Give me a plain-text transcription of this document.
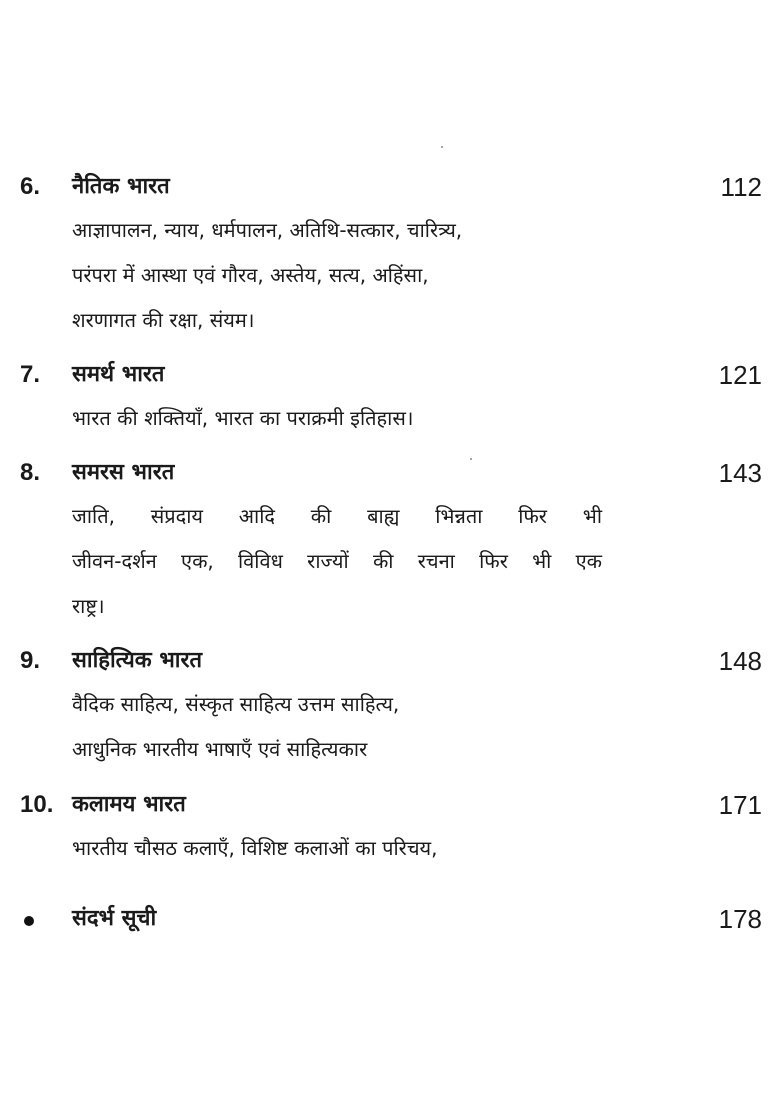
6. नैतिक भारत	112
आज्ञापालन, न्याय, धर्मपालन, अतिथि-सत्कार, चारित्र्य,
परंपरा में आस्था एवं गौरव, अस्तेय, सत्य, अहिंसा,
शरणागत की रक्षा, संयम।
7. समर्थ भारत	121
भारत की शक्तियाँ, भारत का पराक्रमी इतिहास।
8. समरस भारत	143
जाति, संप्रदाय आदि की बाह्य भिन्नता फिर भी
जीवन-दर्शन एक, विविध राज्यों की रचना फिर भी एक
राष्ट्र।
9. साहित्यिक भारत	148
वैदिक साहित्य, संस्कृत साहित्य उत्तम साहित्य,
आधुनिक भारतीय भाषाएँ एवं साहित्यकार
10. कलामय भारत	171
भारतीय चौसठ कलाएँ, विशिष्ट कलाओं का परिचय,
संदर्भ सूची	178
